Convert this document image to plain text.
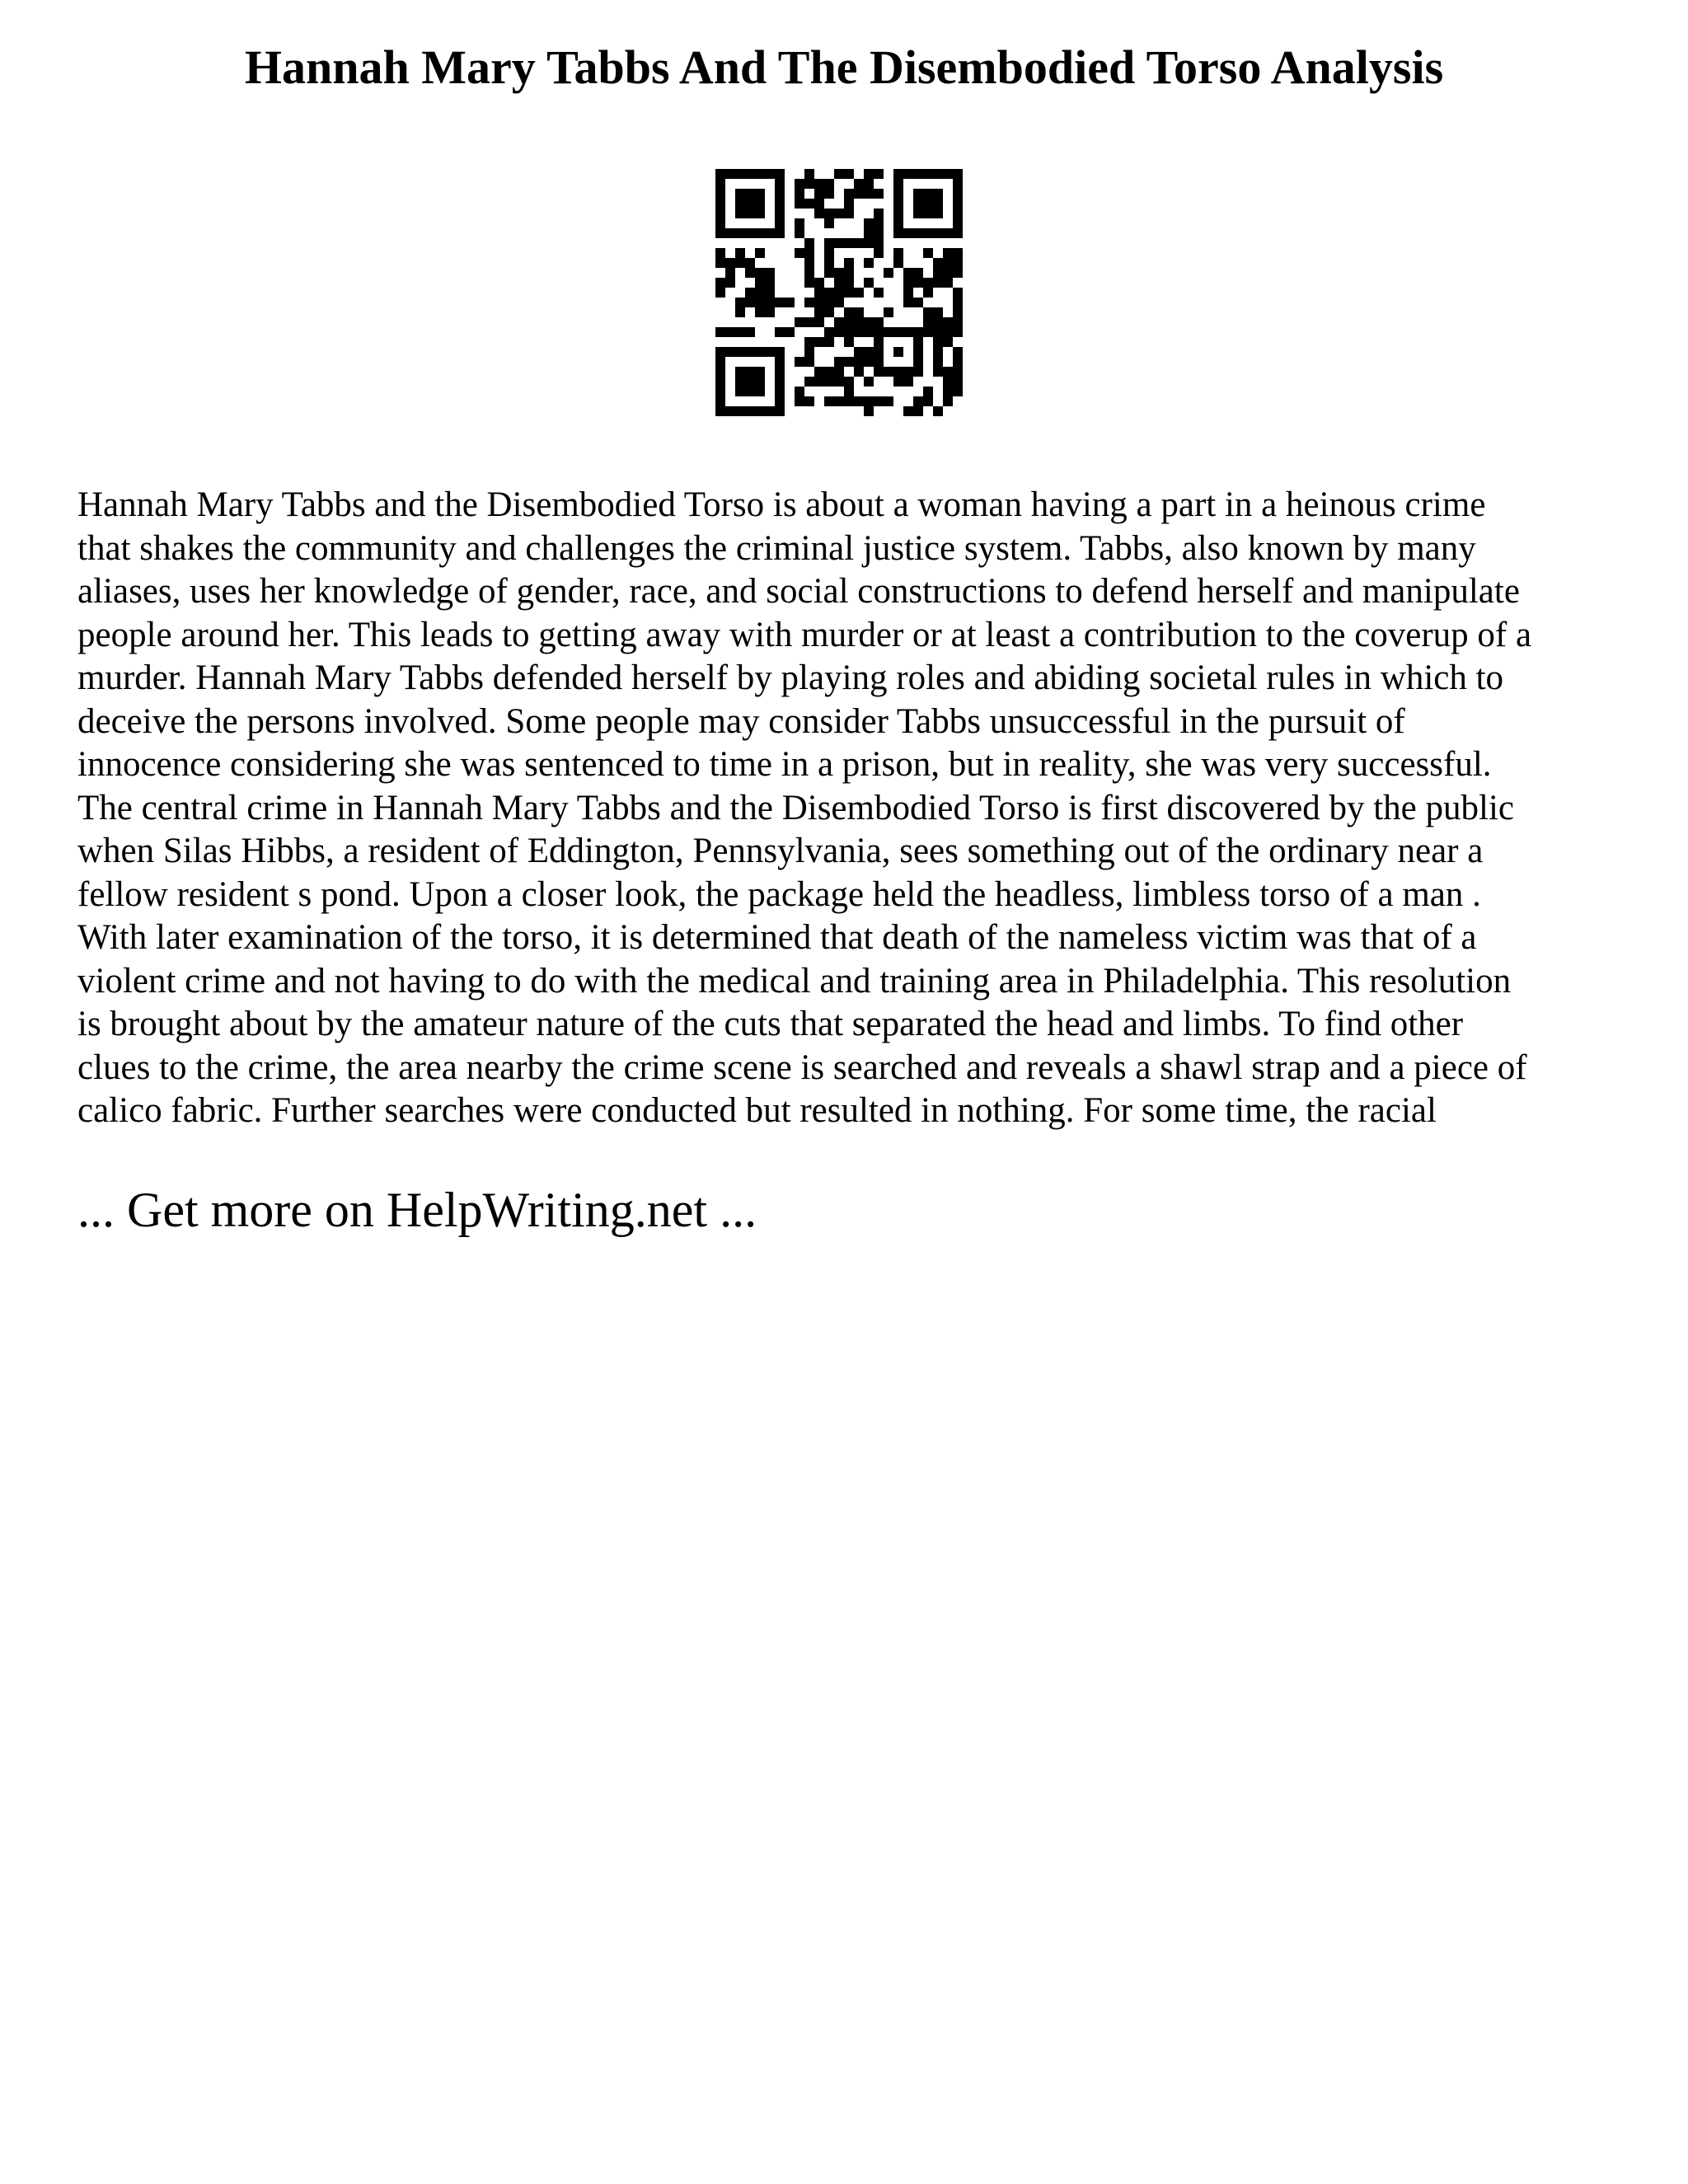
Hannah Mary Tabbs And The Disembodied Torso Analysis

Hannah Mary Tabbs and the Disembodied Torso is about a woman having a part in a heinous crime
that shakes the community and challenges the criminal justice system. Tabbs, also known by many
aliases, uses her knowledge of gender, race, and social constructions to defend herself and manipulate
people around her. This leads to getting away with murder or at least a contribution to the coverup of a
murder. Hannah Mary Tabbs defended herself by playing roles and abiding societal rules in which to
deceive the persons involved. Some people may consider Tabbs unsuccessful in the pursuit of
innocence considering she was sentenced to time in a prison, but in reality, she was very successful.
The central crime in Hannah Mary Tabbs and the Disembodied Torso is first discovered by the public
when Silas Hibbs, a resident of Eddington, Pennsylvania, sees something out of the ordinary near a
fellow resident s pond. Upon a closer look, the package held the headless, limbless torso of a man .
With later examination of the torso, it is determined that death of the nameless victim was that of a
violent crime and not having to do with the medical and training area in Philadelphia. This resolution
is brought about by the amateur nature of the cuts that separated the head and limbs. To find other
clues to the crime, the area nearby the crime scene is searched and reveals a shawl strap and a piece of
calico fabric. Further searches were conducted but resulted in nothing. For some time, the racial

... Get more on HelpWriting.net ...
